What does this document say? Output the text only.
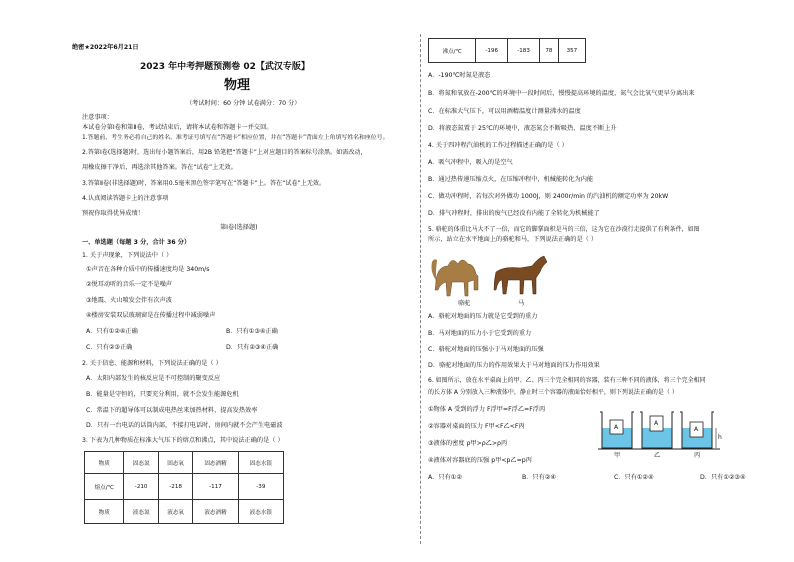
绝密★2022年6月21日
2023 年中考押题预测卷 02【武汉专版】
物理
（考试时间：60 分钟 试卷满分：70 分）
注意事项：
本试卷分第Ⅰ卷和第Ⅱ卷，考试结束后，请将本试卷和答题卡一并交回。
1.答题前，考生务必将自己的姓名、准考证号填写在“答题卡”相应位置，并在“答题卡”背面左上角填写姓名和座位号。
2.答第Ⅰ卷(选择题)时，选出每小题答案后，用2B 铅笔把“答题卡”上对应题目的答案标号涂黑。如需改动，
用橡皮擦干净后，再选涂其他答案。答在“试卷”上无效。
3.答第Ⅱ卷(非选择题)时，答案用0.5毫米黑色签字笔写在“答题卡”上。答在“试卷”上无效。
4.认真阅读答题卡上的注意事项
预祝你取得优异成绩！
第Ⅰ卷(选择题)
一、单选题（每题 3 分，合计 36 分）
1. 关于声现象，下列说法中（ ）
①声音在各种介质中的传播速度均是 340m/s
②悦耳动听的音乐一定不是噪声
③地震、火山喷发会伴有次声波
④楼房安装双层玻璃窗是在传播过程中减弱噪声
A．只有①②④正确	B．只有①③④正确
C．只有②③正确	D．只有②③④正确
2. 关于信息、能源和材料，下列说法正确的是（ ）
A．太阳内部发生的核反应是不可控制的聚变反应
B．能量是守恒的，只要充分利用，就不会发生能源危机
C．常温下的超导体可以制成电热丝来加热材料，提高发热效率
D．只有一台电话的话筒内部，不接打电话时，房间内就不会产生电磁波
3. 下表为几种物质在标准大气压下的熔点和沸点，其中说法正确的是（ ）
物质	固态氮	固态氧	固态酒精	固态水银
熔点/℃	-210	-218	-117	-39
物质	液态氮	液态氧	液态酒精	液态水银
沸点/℃	-196	-183	78	357
A．-190℃时氮是液态
B．将氮和氧放在-200℃的环境中一段时间后，慢慢提高环境的温度，氮气会比氧气更早分离出来
C．在标准大气压下，可以用酒精温度计测量沸水的温度
D．将液态氮置于 25℃的环境中，液态氮会不断吸热，温度不断上升
4. 关于四冲程汽油机的工作过程描述正确的是（ ）
A．吸气冲程中，吸入的是空气
B．通过热传递压缩点火，在压缩冲程中，机械能转化为内能
C．做功冲程时，若每次对外做功 1000J，则 2400r/min 的汽油机的额定功率为 20kW
D．排气冲程时，排出的废气已经没有内能了全转化为机械能了
5. 骆驼的体重比马大不了一倍，而它的脚掌面积是马的三倍，这为它在沙漠行走提供了有利条件，如图
所示，站立在水平地面上的骆驼和马，下列说法正确的是（ ）
骆驼	马
A．骆驼对地面的压力就是它受到的重力
B．马对地面的压力小于它受到的重力
C．骆驼对地面的压强小于马对地面的压强
D．骆驼对地面的压力的作用效果大于马对地面的压力作用效果
6. 如图所示，放在水平桌面上的甲、乙、丙三个完全相同的容器，装有三种不同的液体，将三个完全相同
的长方体 A 分别放入三种液体中，静止时三个容器的液面恰好相平，则下列说法正确的是（ ）
①物体 A 受到的浮力 F浮甲=F浮乙=F浮丙
②容器对桌面的压力 F甲<F乙<F丙
③液体的密度 ρ甲>ρ乙>ρ丙
④液体对容器底的压强 p甲<p乙=p丙
A
A
A
h
甲	乙	丙
A．只有①②	B．只有②④	C．只有①②④	D．只有①②③④
